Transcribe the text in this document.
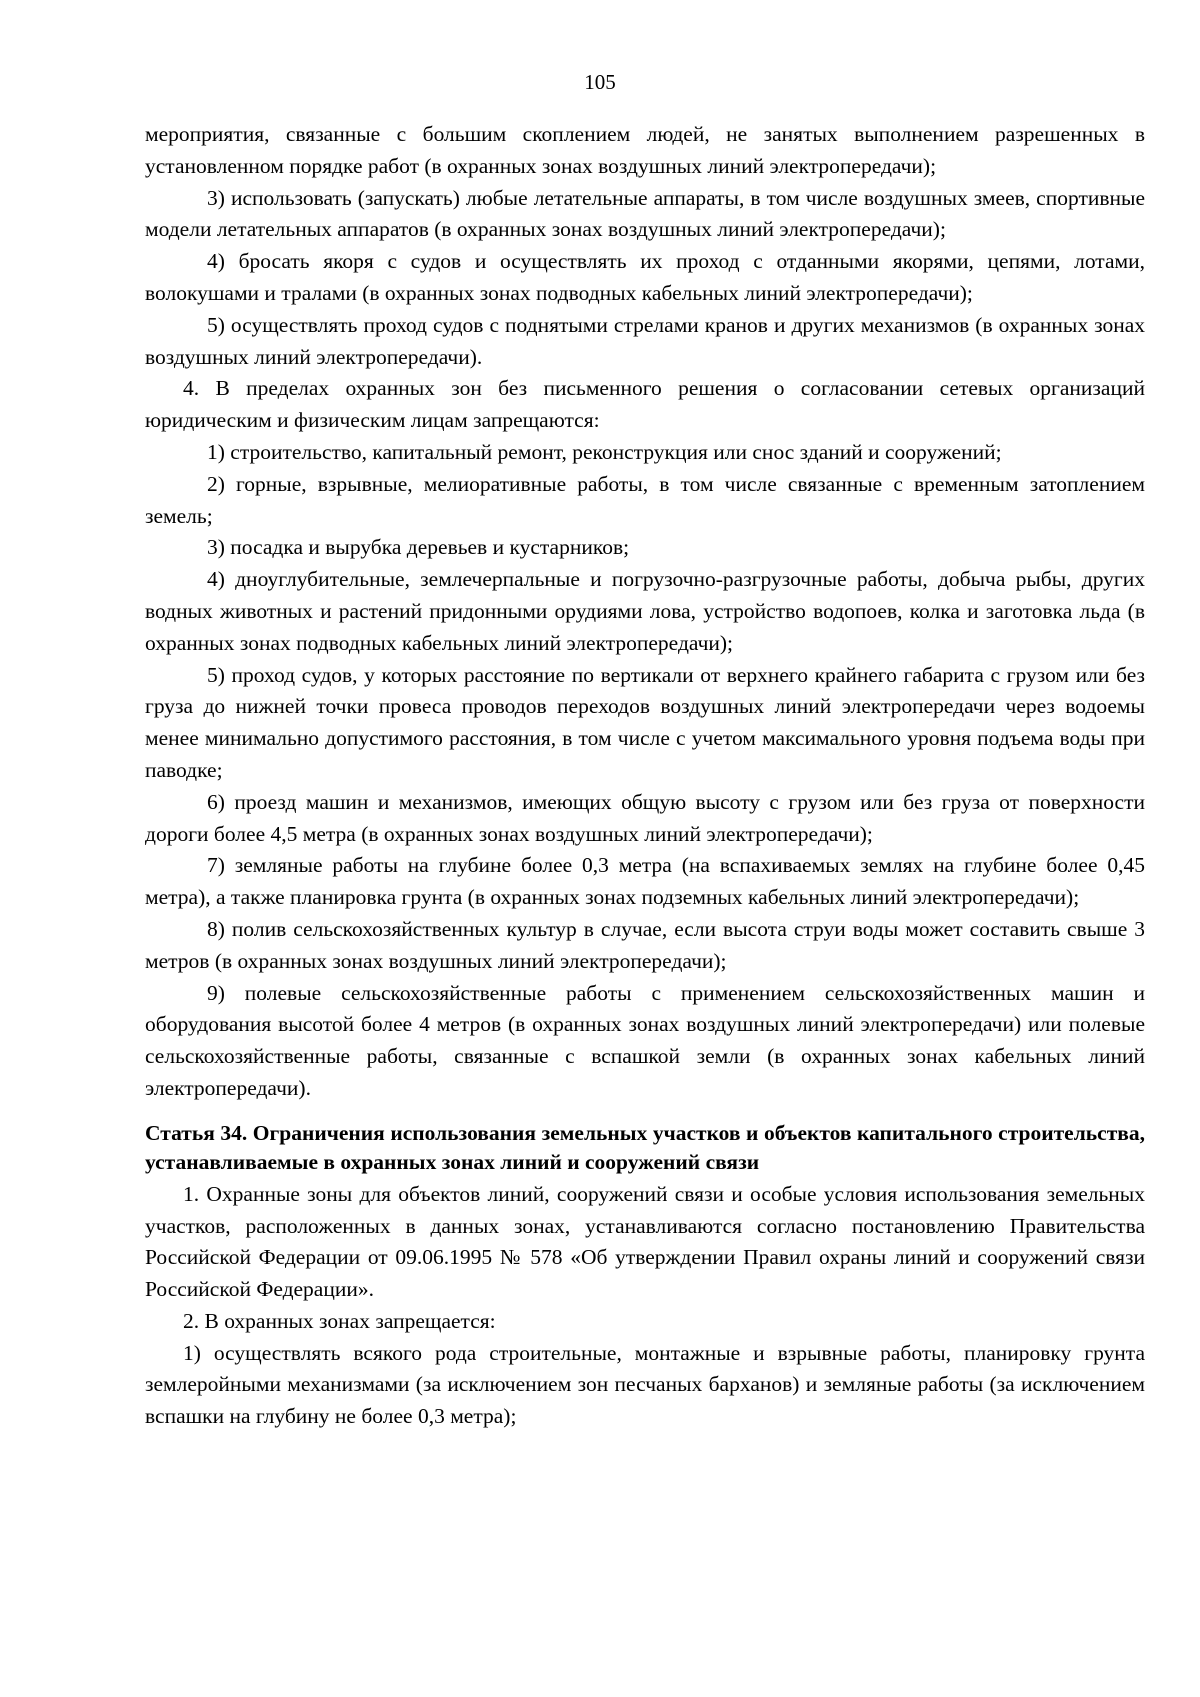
105

мероприятия, связанные с большим скоплением людей, не занятых выполнением разрешенных в установленном порядке работ (в охранных зонах воздушных линий электропередачи);

3) использовать (запускать) любые летательные аппараты, в том числе воздушных змеев, спортивные модели летательных аппаратов (в охранных зонах воздушных линий электропередачи);

4) бросать якоря с судов и осуществлять их проход с отданными якорями, цепями, лотами, волокушами и тралами (в охранных зонах подводных кабельных линий электропередачи);

5) осуществлять проход судов с поднятыми стрелами кранов и других механизмов (в охранных зонах воздушных линий электропередачи).

4. В пределах охранных зон без письменного решения о согласовании сетевых организаций юридическим и физическим лицам запрещаются:

1) строительство, капитальный ремонт, реконструкция или снос зданий и сооружений;

2) горные, взрывные, мелиоративные работы, в том числе связанные с временным затоплением земель;

3) посадка и вырубка деревьев и кустарников;

4) дноуглубительные, землечерпальные и погрузочно-разгрузочные работы, добыча рыбы, других водных животных и растений придонными орудиями лова, устройство водопоев, колка и заготовка льда (в охранных зонах подводных кабельных линий электропередачи);

5) проход судов, у которых расстояние по вертикали от верхнего крайнего габарита с грузом или без груза до нижней точки провеса проводов переходов воздушных линий электропередачи через водоемы менее минимально допустимого расстояния, в том числе с учетом максимального уровня подъема воды при паводке;

6) проезд машин и механизмов, имеющих общую высоту с грузом или без груза от поверхности дороги более 4,5 метра (в охранных зонах воздушных линий электропередачи);

7) земляные работы на глубине более 0,3 метра (на вспахиваемых землях на глубине более 0,45 метра), а также планировка грунта (в охранных зонах подземных кабельных линий электропередачи);

8) полив сельскохозяйственных культур в случае, если высота струи воды может составить свыше 3 метров (в охранных зонах воздушных линий электропередачи);

9) полевые сельскохозяйственные работы с применением сельскохозяйственных машин и оборудования высотой более 4 метров (в охранных зонах воздушных линий электропередачи) или полевые сельскохозяйственные работы, связанные с вспашкой земли (в охранных зонах кабельных линий электропередачи).

Статья 34. Ограничения использования земельных участков и объектов капитального строительства, устанавливаемые в охранных зонах линий и сооружений связи

1. Охранные зоны для объектов линий, сооружений связи и особые условия использования земельных участков, расположенных в данных зонах, устанавливаются согласно постановлению Правительства Российской Федерации от 09.06.1995 № 578 «Об утверждении Правил охраны линий и сооружений связи Российской Федерации».

2. В охранных зонах запрещается:

1) осуществлять всякого рода строительные, монтажные и взрывные работы, планировку грунта землеройными механизмами (за исключением зон песчаных барханов) и земляные работы (за исключением вспашки на глубину не более 0,3 метра);
